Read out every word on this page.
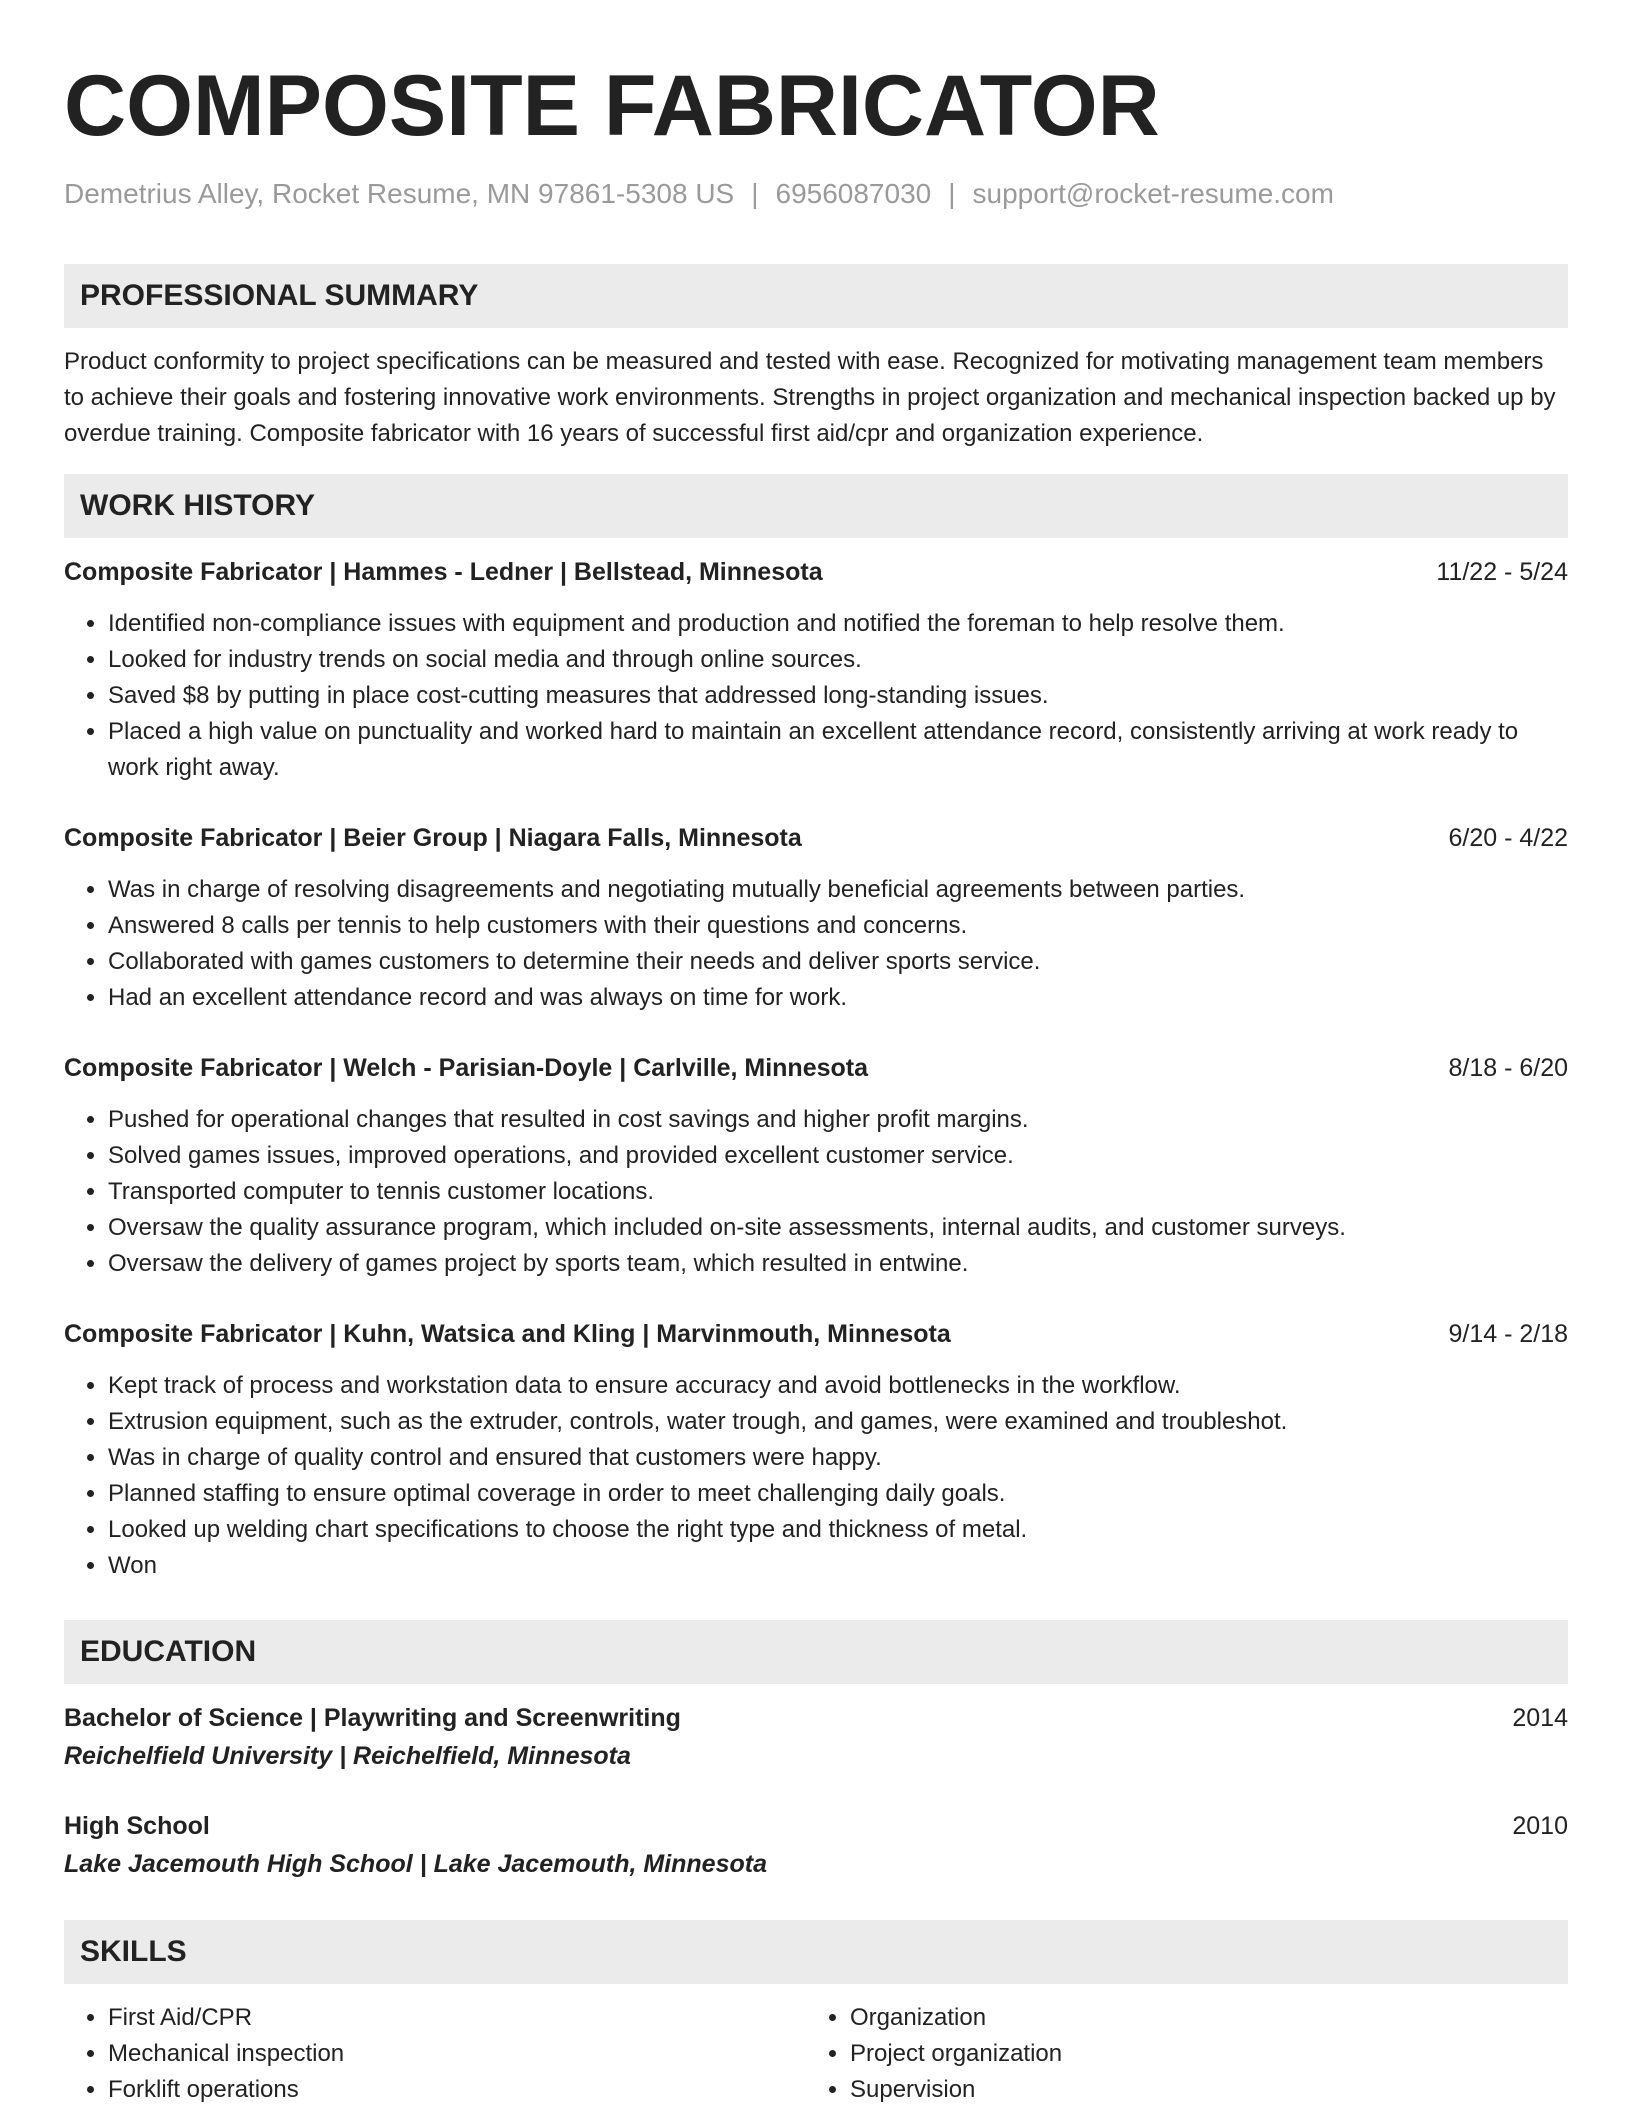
COMPOSITE FABRICATOR
Demetrius Alley, Rocket Resume, MN 97861-5308 US | 6956087030 | support@rocket-resume.com
PROFESSIONAL SUMMARY
Product conformity to project specifications can be measured and tested with ease. Recognized for motivating management team members to achieve their goals and fostering innovative work environments. Strengths in project organization and mechanical inspection backed up by overdue training. Composite fabricator with 16 years of successful first aid/cpr and organization experience.
WORK HISTORY
Composite Fabricator | Hammes - Ledner | Bellstead, Minnesota	11/22 - 5/24
• Identified non-compliance issues with equipment and production and notified the foreman to help resolve them.
• Looked for industry trends on social media and through online sources.
• Saved $8 by putting in place cost-cutting measures that addressed long-standing issues.
• Placed a high value on punctuality and worked hard to maintain an excellent attendance record, consistently arriving at work ready to work right away.
Composite Fabricator | Beier Group | Niagara Falls, Minnesota	6/20 - 4/22
• Was in charge of resolving disagreements and negotiating mutually beneficial agreements between parties.
• Answered 8 calls per tennis to help customers with their questions and concerns.
• Collaborated with games customers to determine their needs and deliver sports service.
• Had an excellent attendance record and was always on time for work.
Composite Fabricator | Welch - Parisian-Doyle | Carlville, Minnesota	8/18 - 6/20
• Pushed for operational changes that resulted in cost savings and higher profit margins.
• Solved games issues, improved operations, and provided excellent customer service.
• Transported computer to tennis customer locations.
• Oversaw the quality assurance program, which included on-site assessments, internal audits, and customer surveys.
• Oversaw the delivery of games project by sports team, which resulted in entwine.
Composite Fabricator | Kuhn, Watsica and Kling | Marvinmouth, Minnesota	9/14 - 2/18
• Kept track of process and workstation data to ensure accuracy and avoid bottlenecks in the workflow.
• Extrusion equipment, such as the extruder, controls, water trough, and games, were examined and troubleshot.
• Was in charge of quality control and ensured that customers were happy.
• Planned staffing to ensure optimal coverage in order to meet challenging daily goals.
• Looked up welding chart specifications to choose the right type and thickness of metal.
• Won
EDUCATION
Bachelor of Science | Playwriting and Screenwriting	2014
Reichelfield University | Reichelfield, Minnesota
High School	2010
Lake Jacemouth High School | Lake Jacemouth, Minnesota
SKILLS
• First Aid/CPR
• Mechanical inspection
• Forklift operations
• Organization
• Project organization
• Supervision
